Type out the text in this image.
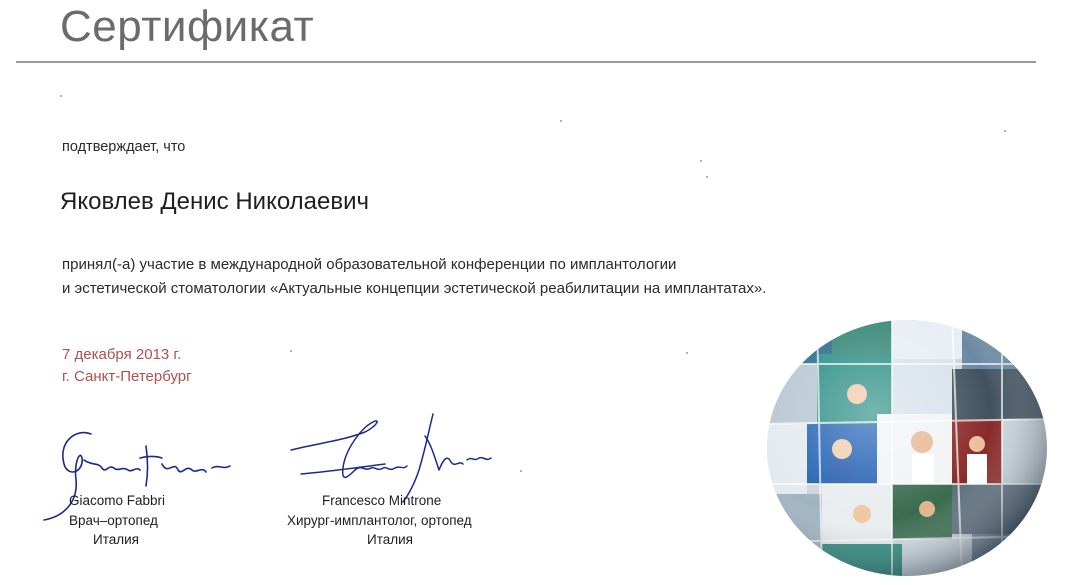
Сертификат
подтверждает, что
Яковлев Денис Николаевич
принял(-а) участие в международной образовательной конференции по имплантологии
и эстетической стоматологии «Актуальные концепции эстетической реабилитации на имплантатах».
7 декабря 2013 г.
г. Санкт-Петербург
Giacomo Fabbri
Врач–ортопед
Италия
Francesco Mintrone
Хирург-имплантолог, ортопед
Италия
